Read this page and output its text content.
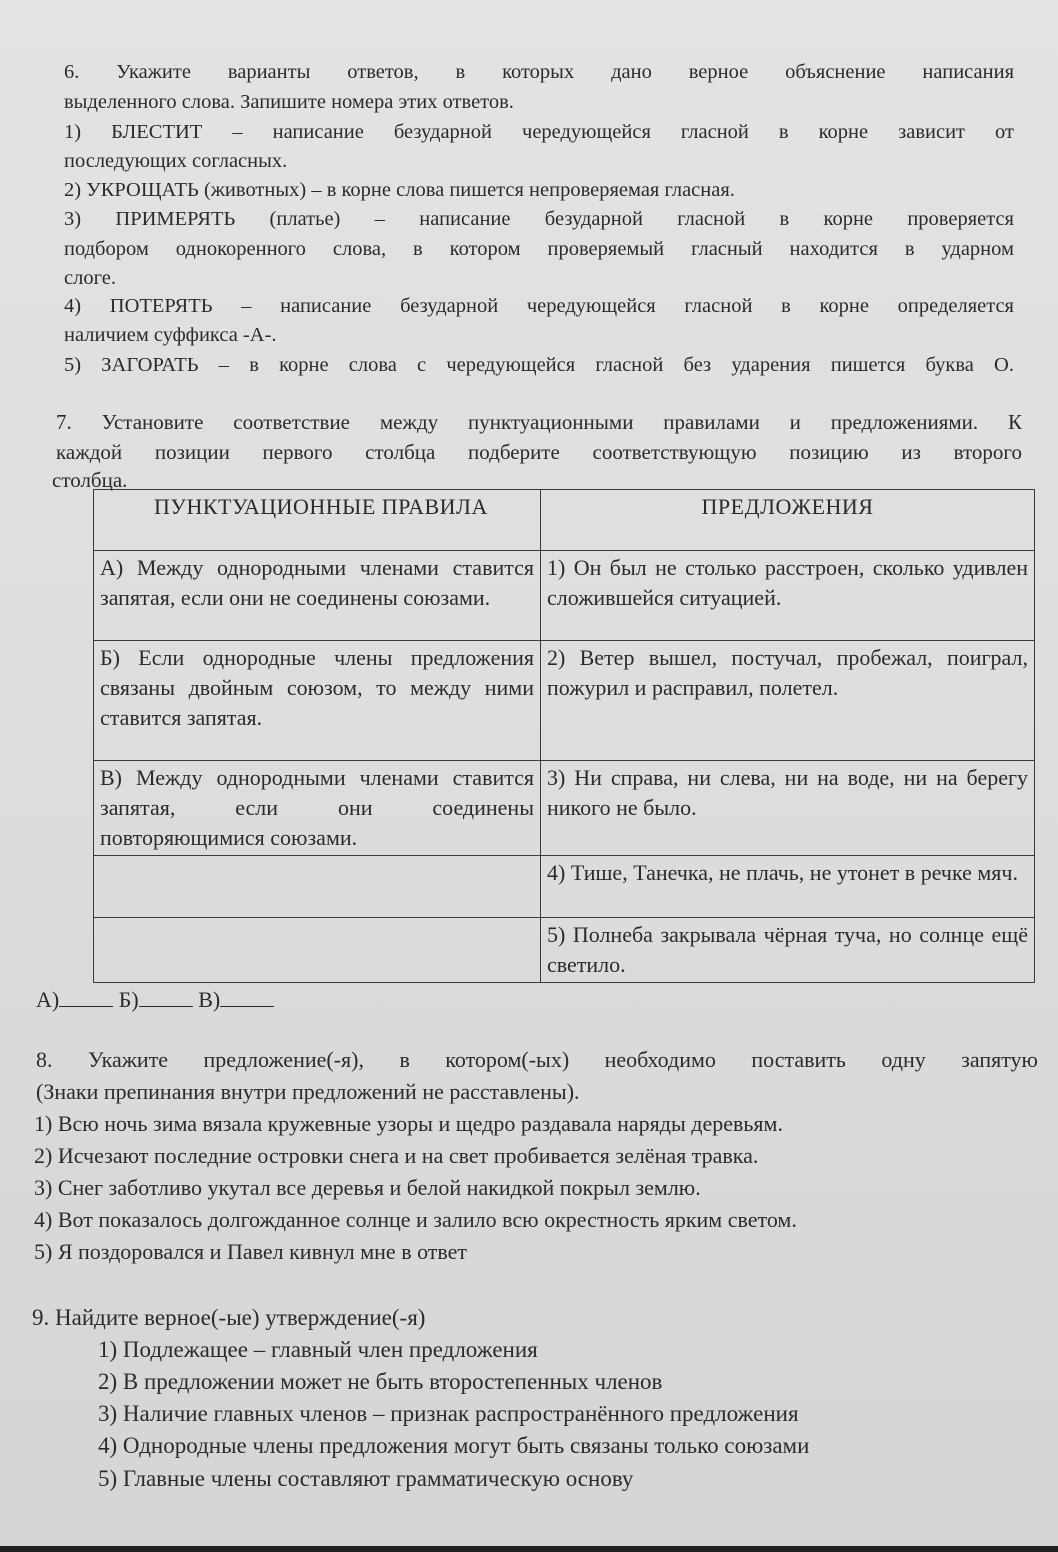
6. Укажите варианты ответов, в которых дано верное объяснение написания
выделенного слова. Запишите номера этих ответов.
1) БЛЕСТИТ – написание безударной чередующейся гласной в корне зависит от
последующих согласных.
2) УКРОЩАТЬ (животных) – в корне слова пишется непроверяемая гласная.
3) ПРИМЕРЯТЬ (платье) – написание безударной гласной в корне проверяется
подбором однокоренного слова, в котором проверяемый гласный находится в ударном
слоге.
4) ПОТЕРЯТЬ – написание безударной чередующейся гласной в корне определяется
наличием суффикса -А-.
5) ЗАГОРАТЬ – в корне слова с чередующейся гласной без ударения пишется буква О.
7. Установите соответствие между пунктуационными правилами и предложениями. К
каждой позиции первого столбца подберите соответствующую позицию из второго
столбца.
ПУНКТУАЦИОННЫЕ ПРАВИЛА	ПРЕДЛОЖЕНИЯ
А) Между однородными членами ставится запятая, если они не соединены союзами.	1) Он был не столько расстроен, сколько удивлен сложившейся ситуацией.
Б) Если однородные члены предложения связаны двойным союзом, то между ними ставится запятая.	2) Ветер вышел, постучал, пробежал, поиграл, пожурил и расправил, полетел.
В) Между однородными членами ставится запятая, если они соединены повторяющимися союзами.	3) Ни справа, ни слева, ни на воде, ни на берегу никого не было.
	4) Тише, Танечка, не плачь, не утонет в речке мяч.
	5) Полнеба закрывала чёрная туча, но солнце ещё светило.
А)	Б)	В)
8. Укажите предложение(-я), в котором(-ых) необходимо поставить одну запятую
(Знаки препинания внутри предложений не расставлены).
1) Всю ночь зима вязала кружевные узоры и щедро раздавала наряды деревьям.
2) Исчезают последние островки снега и на свет пробивается зелёная травка.
3) Снег заботливо укутал все деревья и белой накидкой покрыл землю.
4) Вот показалось долгожданное солнце и залило всю окрестность ярким светом.
5) Я поздоровался и Павел кивнул мне в ответ
9. Найдите верное(-ые) утверждение(-я)
1) Подлежащее – главный член предложения
2) В предложении может не быть второстепенных членов
3) Наличие главных членов – признак распространённого предложения
4) Однородные члены предложения могут быть связаны только союзами
5) Главные члены составляют грамматическую основу
